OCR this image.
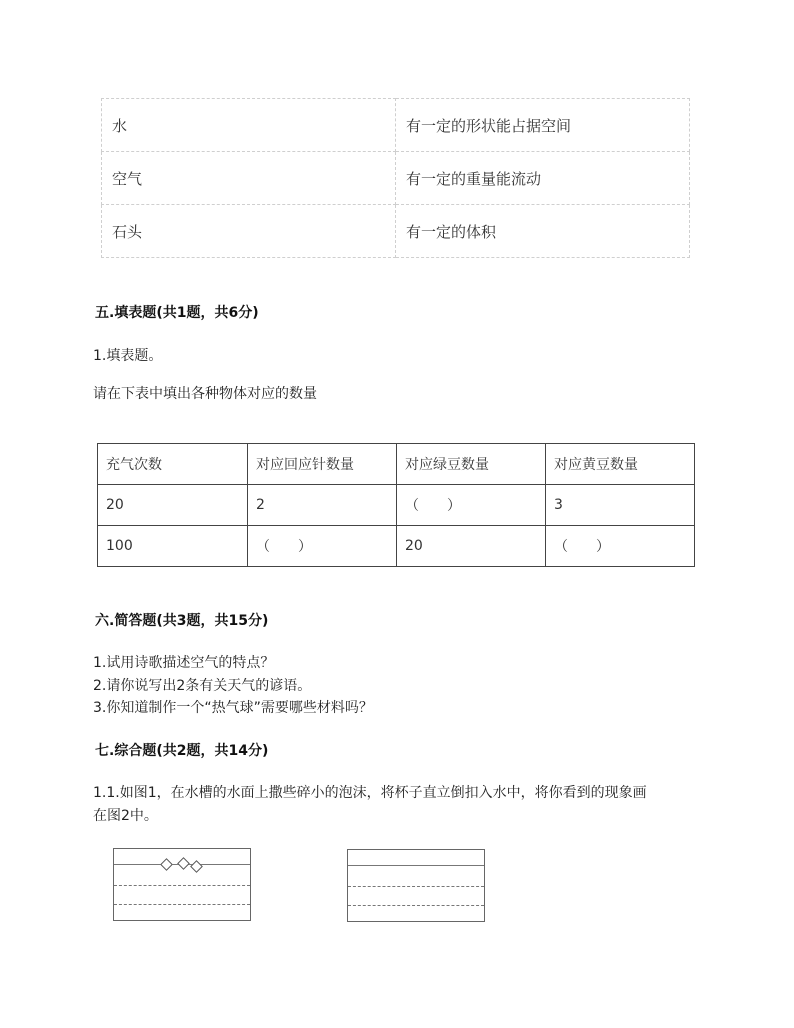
水	有一定的形状能占据空间
空气	有一定的重量能流动
石头	有一定的体积
五.填表题(共1题，共6分)
1.填表题。
请在下表中填出各种物体对应的数量
充气次数	对应回应针数量	对应绿豆数量	对应黄豆数量
20	2	（　　）	3
100	（　　）	20	（　　）
六.简答题(共3题，共15分)
1.试用诗歌描述空气的特点？
2.请你说写出2条有关天气的谚语。
3.你知道制作一个“热气球”需要哪些材料吗？
七.综合题(共2题，共14分)
1.1.如图1，在水槽的水面上撒些碎小的泡沫，将杯子直立倒扣入水中，将你看到的现象画
在图2中。
